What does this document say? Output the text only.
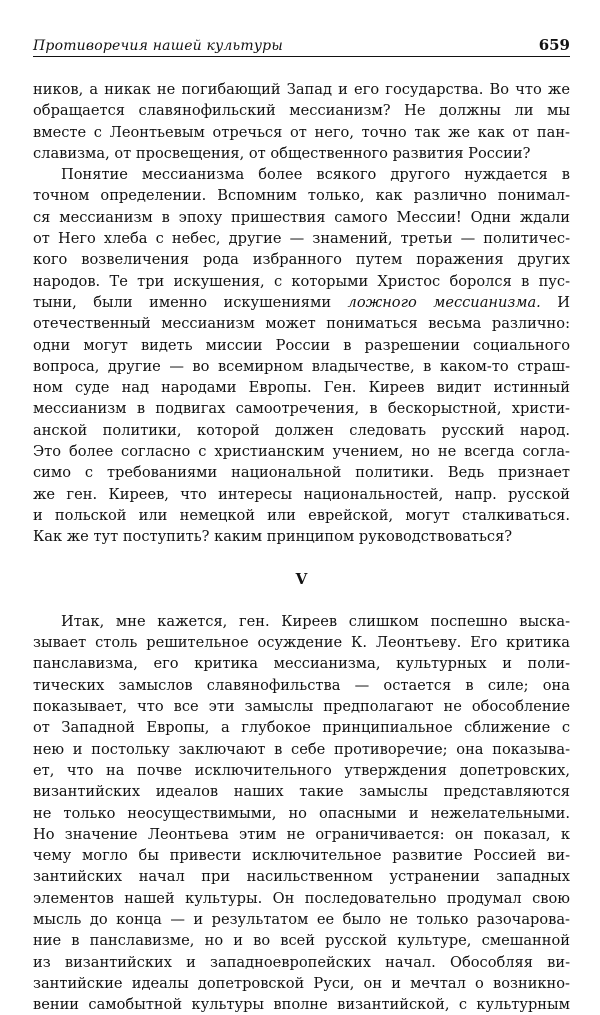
Противоречия нашей культуры	659
ников, а никак не погибающий Запад и его государства. Во что же
обращается славянофильский мессианизм? Не должны ли мы
вместе с Леонтьевым отречься от него, точно так же как от пан-
славизма, от просвещения, от общественного развития России?
Понятие мессианизма более всякого другого нуждается в
точном определении. Вспомним только, как различно понимал-
ся мессианизм в эпоху пришествия самого Мессии! Одни ждали
от Него хлеба с небес, другие — знамений, третьи — политичес-
кого возвеличения рода избранного путем поражения других
народов. Те три искушения, с которыми Христос боролся в пус-
тыни, были именно искушениями ложного мессианизма. И
отечественный мессианизм может пониматься весьма различно:
одни могут видеть миссии России в разрешении социального
вопроса, другие — во всемирном владычестве, в каком-то страш-
ном суде над народами Европы. Ген. Киреев видит истинный
мессианизм в подвигах самоотречения, в бескорыстной, христи-
анской политики, которой должен следовать русский народ.
Это более согласно с христианским учением, но не всегда согла-
симо с требованиями национальной политики. Ведь признает
же ген. Киреев, что интересы национальностей, напр. русской
и польской или немецкой или еврейской, могут сталкиваться.
Как же тут поступить? каким принципом руководствоваться?
V
Итак, мне кажется, ген. Киреев слишком поспешно выска-
зывает столь решительное осуждение К. Леонтьеву. Его критика
панславизма, его критика мессианизма, культурных и поли-
тических замыслов славянофильства — остается в силе; она
показывает, что все эти замыслы предполагают не обособление
от Западной Европы, а глубокое принципиальное сближение с
нею и постольку заключают в себе противоречие; она показыва-
ет, что на почве исключительного утверждения допетровских,
византийских идеалов наших такие замыслы представляются
не только неосуществимыми, но опасными и нежелательными.
Но значение Леонтьева этим не ограничивается: он показал, к
чему могло бы привести исключительное развитие Россией ви-
зантийских начал при насильственном устранении западных
элементов нашей культуры. Он последовательно продумал свою
мысль до конца — и результатом ее было не только разочарова-
ние в панславизме, но и во всей русской культуре, смешанной
из византийских и западноевропейских начал. Обособляя ви-
зантийские идеалы допетровской Руси, он и мечтал о возникно-
вении самобытной культуры вполне византийской, с культурным
